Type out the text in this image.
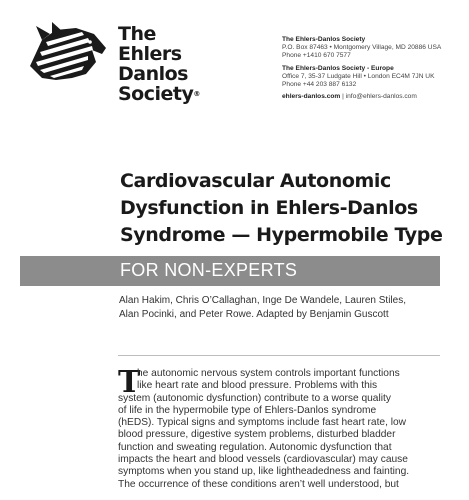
The
Ehlers
Danlos
Society®
The Ehlers-Danlos Society
P.O. Box 87463 • Montgomery Village, MD 20886 USA
Phone +1410 670 7577
The Ehlers-Danlos Society - Europe
Office 7, 35-37 Ludgate Hill • London EC4M 7JN UK
Phone +44 203 887 6132
ehlers-danlos.com | info@ehlers-danlos.com
Cardiovascular Autonomic
Dysfunction in Ehlers-Danlos
Syndrome — Hypermobile Type
FOR NON-EXPERTS
Alan Hakim, Chris O’Callaghan, Inge De Wandele, Lauren Stiles,
Alan Pocinki, and Peter Rowe. Adapted by Benjamin Guscott
T
he autonomic nervous system controls important functions
like heart rate and blood pressure. Problems with this
system (autonomic dysfunction) contribute to a worse quality
of life in the hypermobile type of Ehlers-Danlos syndrome
(hEDS). Typical signs and symptoms include fast heart rate, low
blood pressure, digestive system problems, disturbed bladder
function and sweating regulation. Autonomic dysfunction that
impacts the heart and blood vessels (cardiovascular) may cause
symptoms when you stand up, like lightheadedness and fainting.
The occurrence of these conditions aren’t well understood, but
